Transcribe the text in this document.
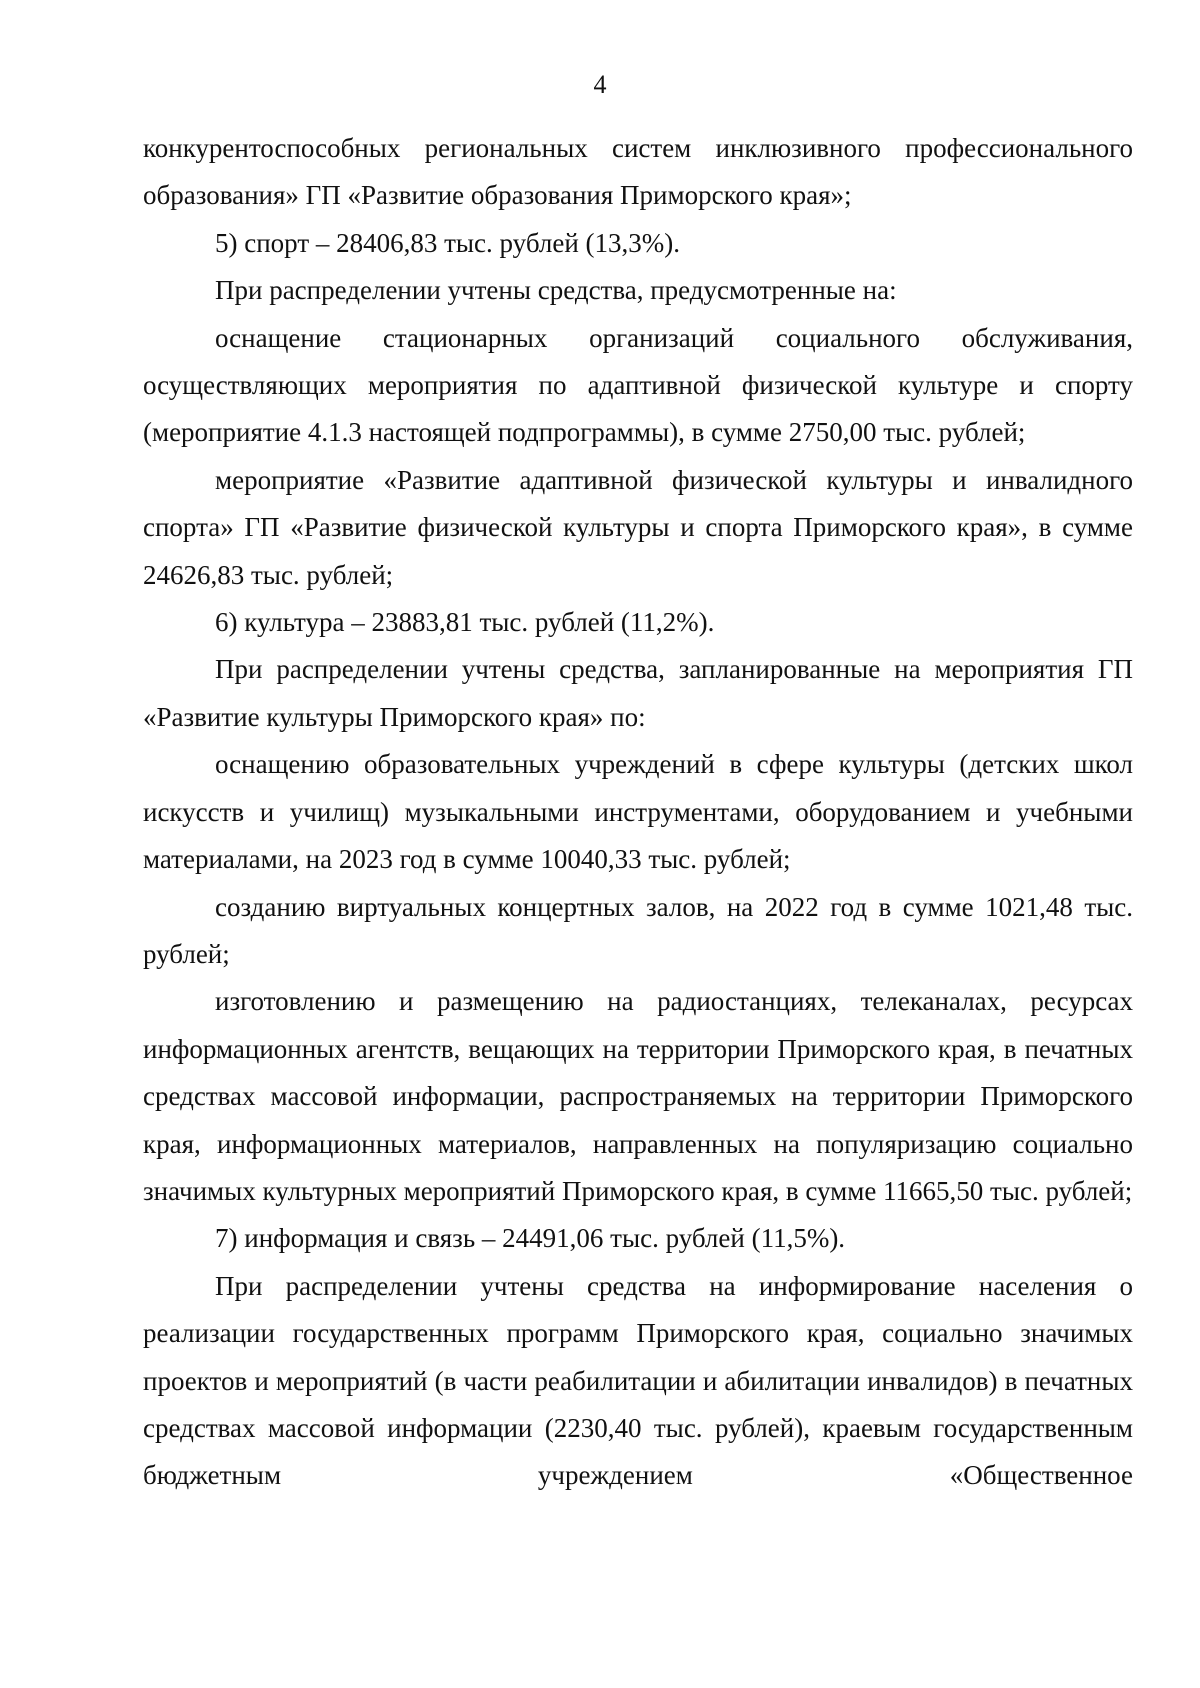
4

конкурентоспособных региональных систем инклюзивного профессионального образования» ГП «Развитие образования Приморского края»;

5) спорт – 28406,83 тыс. рублей (13,3%).

При распределении учтены средства, предусмотренные на:

оснащение стационарных организаций социального обслуживания, осуществляющих мероприятия по адаптивной физической культуре и спорту (мероприятие 4.1.3 настоящей подпрограммы), в сумме 2750,00 тыс. рублей;

мероприятие «Развитие адаптивной физической культуры и инвалидного спорта» ГП «Развитие физической культуры и спорта Приморского края», в сумме 24626,83 тыс. рублей;

6) культура – 23883,81 тыс. рублей (11,2%).

При распределении учтены средства, запланированные на мероприятия ГП «Развитие культуры Приморского края» по:

оснащению образовательных учреждений в сфере культуры (детских школ искусств и училищ) музыкальными инструментами, оборудованием и учебными материалами, на 2023 год в сумме 10040,33 тыс. рублей;

созданию виртуальных концертных залов, на 2022 год в сумме 1021,48 тыс. рублей;

изготовлению и размещению на радиостанциях, телеканалах, ресурсах информационных агентств, вещающих на территории Приморского края, в печатных средствах массовой информации, распространяемых на территории Приморского края, информационных материалов, направленных на популяризацию социально значимых культурных мероприятий Приморского края, в сумме 11665,50 тыс. рублей;

7) информация и связь – 24491,06 тыс. рублей (11,5%).

При распределении учтены средства на информирование населения о реализации государственных программ Приморского края, социально значимых проектов и мероприятий (в части реабилитации и абилитации инвалидов) в печатных средствах массовой информации (2230,40 тыс. рублей), краевым государственным бюджетным учреждением «Общественное
